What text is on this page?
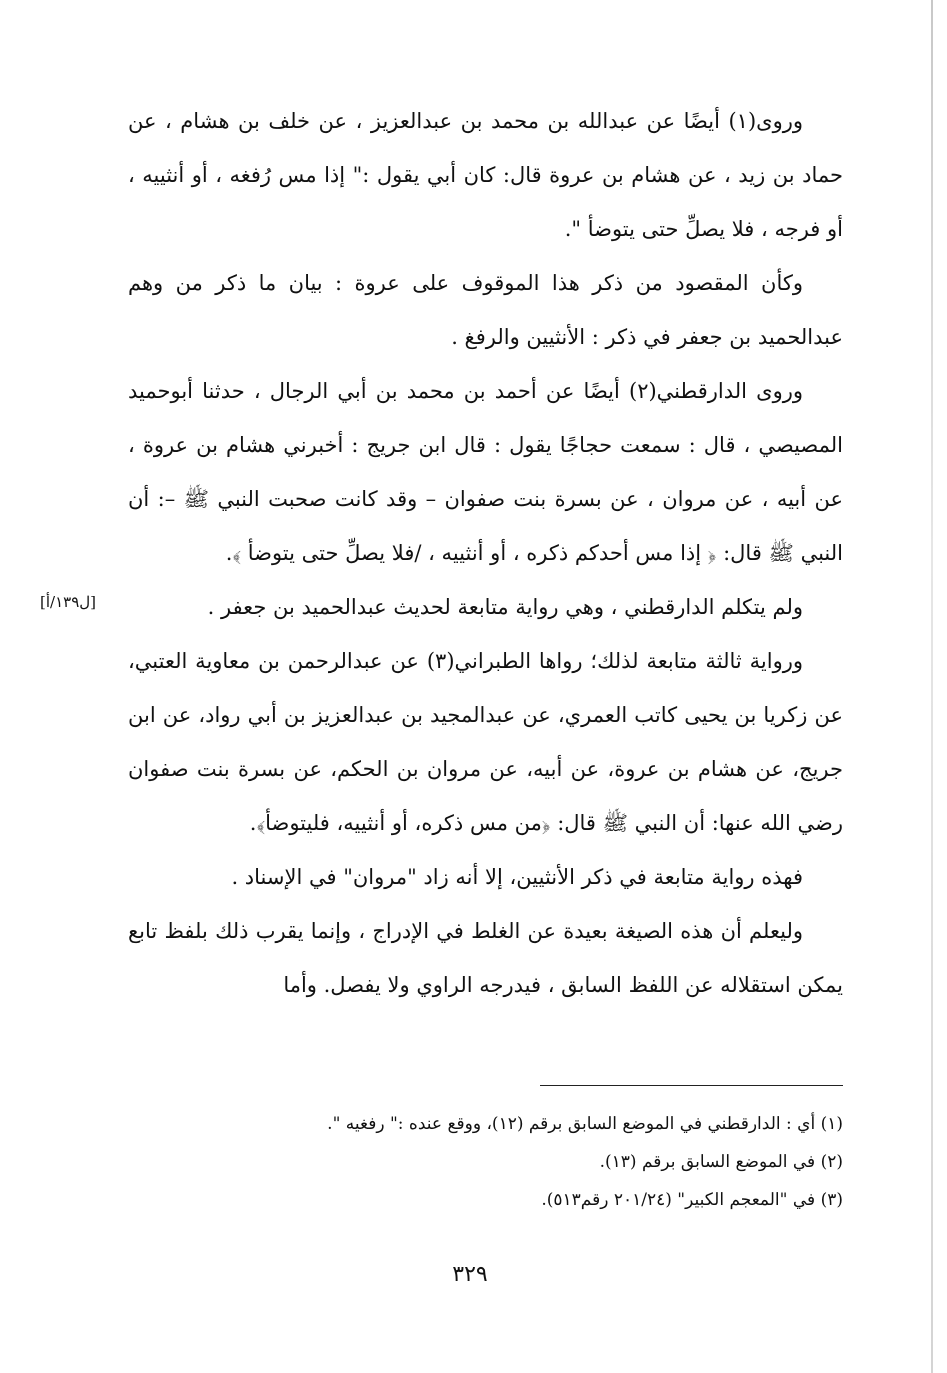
وروى(١) أيضًا عن عبدالله بن محمد بن عبدالعزيز ، عن خلف بن هشام ، عن حماد بن زيد ، عن هشام بن عروة قال: كان أبي يقول :" إذا مس رُفغه ، أو أنثييه ، أو فرجه ، فلا يصلِّ حتى يتوضأ ".

وكأن المقصود من ذكر هذا الموقوف على عروة : بيان ما ذكر من وهم عبدالحميد بن جعفر في ذكر : الأنثيين والرفغ .

وروى الدارقطني(٢) أيضًا عن أحمد بن محمد بن أبي الرجال ، حدثنا أبوحميد المصيصي ، قال : سمعت حجاجًا يقول : قال ابن جريج : أخبرني هشام بن عروة ، عن أبيه ، عن مروان ، عن بسرة بنت صفوان – وقد كانت صحبت النبي ﷺ –: أن النبي ﷺ قال: ﴿ إذا مس أحدكم ذكره ، أو أنثييه ، /فلا يصلِّ حتى يتوضأ ﴾.

ولم يتكلم الدارقطني ، وهي رواية متابعة لحديث عبدالحميد بن جعفر .

ورواية ثالثة متابعة لذلك؛ رواها الطبراني(٣) عن عبدالرحمن بن معاوية العتبي، عن زكريا بن يحيى كاتب العمري، عن عبدالمجيد بن عبدالعزيز بن أبي رواد، عن ابن جريج، عن هشام بن عروة، عن أبيه، عن مروان بن الحكم، عن بسرة بنت صفوان رضي الله عنها: أن النبي ﷺ قال: ﴿من مس ذكره، أو أنثييه، فليتوضأ﴾.

فهذه رواية متابعة في ذكر الأنثيين، إلا أنه زاد "مروان" في الإسناد .

وليعلم أن هذه الصيغة بعيدة عن الغلط في الإدراج ، وإنما يقرب ذلك بلفظ تابع يمكن استقلاله عن اللفظ السابق ، فيدرجه الراوي ولا يفصل. وأما

[ل١٣٩/أ]
(١) أي : الدارقطني في الموضع السابق برقم (١٢)، ووقع عنده :" رفغيه ".
(٢) في الموضع السابق برقم (١٣).
(٣) في "المعجم الكبير" (٢٠١/٢٤ رقم٥١٣).
٣٢٩
